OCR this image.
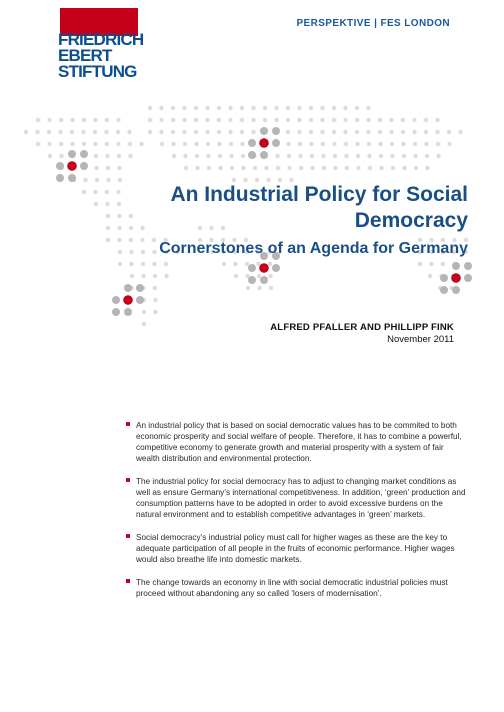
FRIEDRICH
EBERT
STIFTUNG
PERSPEKTIVE | FES LONDON
An Industrial Policy for Social Democracy
Cornerstones of an Agenda for Germany
ALFRED PFALLER AND PHILLIPP FINK
November 2011
An industrial policy that is based on social democratic values has to be commited to both economic prosperity and social welfare of people. Therefore, it has to combine a powerful, competitive economy to generate growth and material prosperity with a system of fair wealth distribution and environmental protection.
The industrial policy for social democracy has to adjust to changing market conditions as well as ensure Germany’s international competitiveness. In addition, ‘green’ production and consumption patterns have to be adopted in order to avoid excessive burdens on the natural environment and to establish competitive advantages in ‘green’ markets.
Social democracy’s industrial policy must call for higher wages as these are the key to adequate participation of all people in the fruits of economic performance. Higher wages would also breathe life into domestic markets.
The change towards an economy in line with social democratic industrial policies must proceed without abandoning any so called ‘losers of modernisation’.
